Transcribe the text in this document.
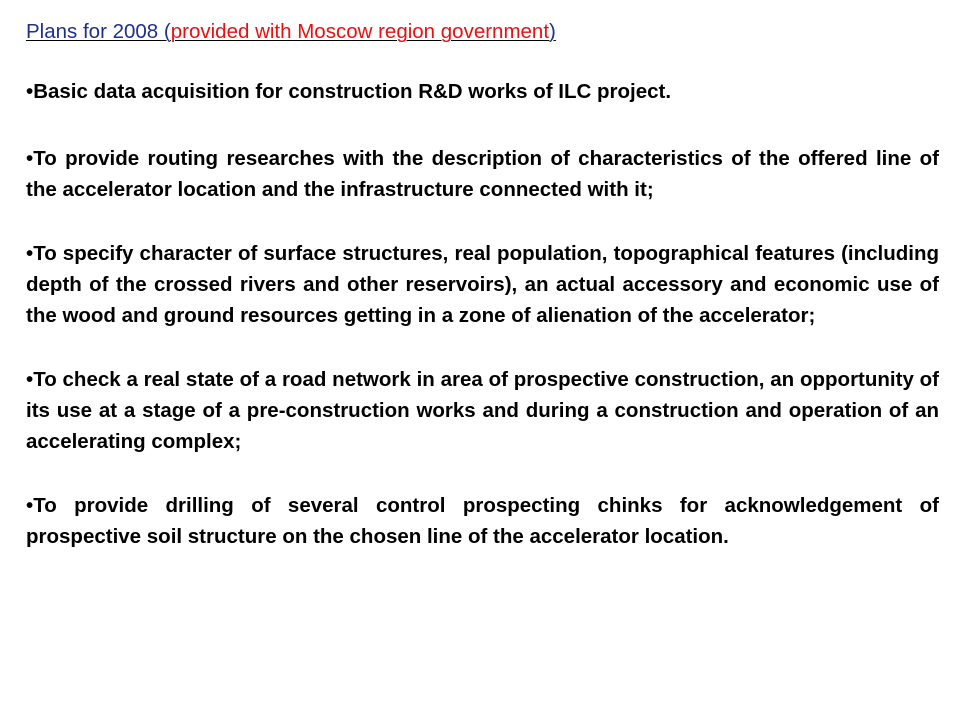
Plans for 2008 (provided with Moscow region government)

•Basic data acquisition for construction R&D works of ILC project.

•To provide routing researches with the description of characteristics of the offered line of the accelerator location and the infrastructure connected with it;

•To specify character of surface structures, real population, topographical features (including depth of the crossed rivers and other reservoirs), an actual accessory and economic use of the wood and ground resources getting in a zone of alienation of the accelerator;

•To check a real state of a road network in area of prospective construction, an opportunity of its use at a stage of a pre-construction works and during a construction and operation of an accelerating complex;

•To provide drilling of several control prospecting chinks for acknowledgement of prospective soil structure on the chosen line of the accelerator location.
